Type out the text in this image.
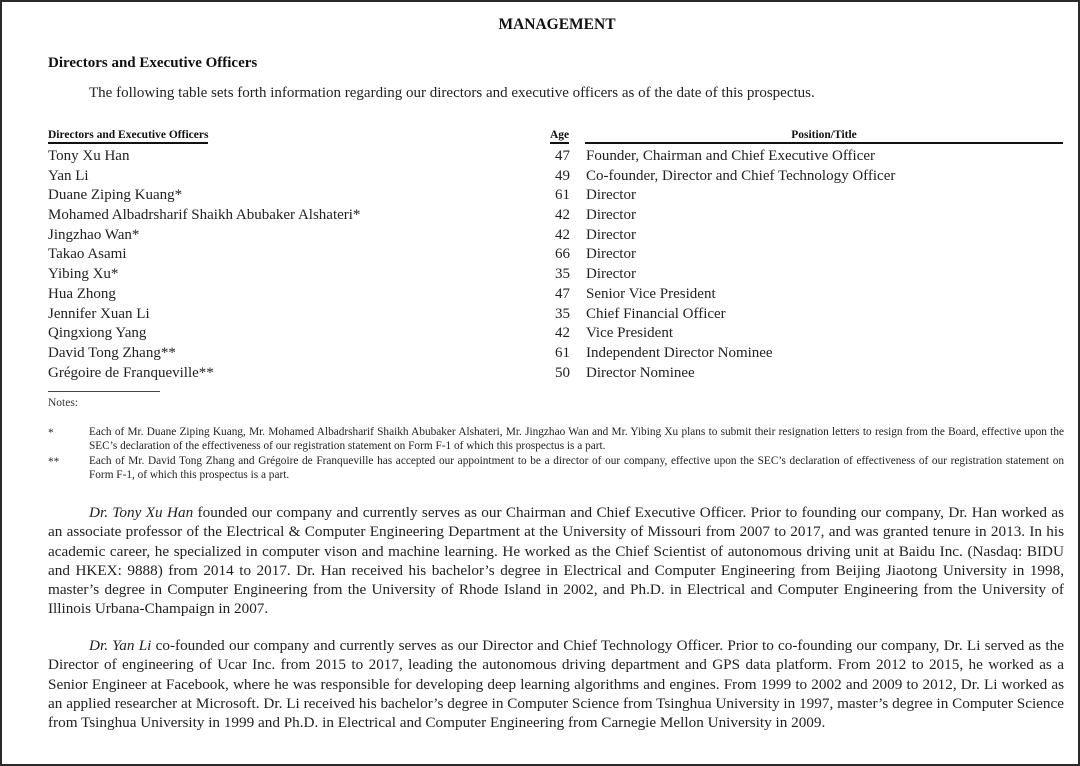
MANAGEMENT
Directors and Executive Officers
The following table sets forth information regarding our directors and executive officers as of the date of this prospectus.
Directors and Executive Officers	Age	Position/Title
Tony Xu Han	47 Founder, Chairman and Chief Executive Officer
Yan Li	49 Co-founder, Director and Chief Technology Officer
Duane Ziping Kuang*	61 Director
Mohamed Albadrsharif Shaikh Abubaker Alshateri*	42 Director
Jingzhao Wan*	42 Director
Takao Asami	66 Director
Yibing Xu*	35 Director
Hua Zhong	47 Senior Vice President
Jennifer Xuan Li	35 Chief Financial Officer
Qingxiong Yang	42 Vice President
David Tong Zhang**	61 Independent Director Nominee
Grégoire de Franqueville**	50 Director Nominee
Notes:
*	Each of Mr. Duane Ziping Kuang, Mr. Mohamed Albadrsharif Shaikh Abubaker Alshateri, Mr. Jingzhao Wan and Mr. Yibing Xu plans to submit their resignation letters to resign from the Board, effective upon the SEC’s declaration of the effectiveness of our registration statement on Form F-1 of which this prospectus is a part.
**	Each of Mr. David Tong Zhang and Grégoire de Franqueville has accepted our appointment to be a director of our company, effective upon the SEC’s declaration of effectiveness of our registration statement on Form F-1, of which this prospectus is a part.

Dr. Tony Xu Han founded our company and currently serves as our Chairman and Chief Executive Officer. Prior to founding our company, Dr. Han worked as an associate professor of the Electrical & Computer Engineering Department at the University of Missouri from 2007 to 2017, and was granted tenure in 2013. In his academic career, he specialized in computer vison and machine learning. He worked as the Chief Scientist of autonomous driving unit at Baidu Inc. (Nasdaq: BIDU and HKEX: 9888) from 2014 to 2017. Dr. Han received his bachelor’s degree in Electrical and Computer Engineering from Beijing Jiaotong University in 1998, master’s degree in Computer Engineering from the University of Rhode Island in 2002, and Ph.D. in Electrical and Computer Engineering from the University of Illinois Urbana-Champaign in 2007.

Dr. Yan Li co-founded our company and currently serves as our Director and Chief Technology Officer. Prior to co-founding our company, Dr. Li served as the Director of engineering of Ucar Inc. from 2015 to 2017, leading the autonomous driving department and GPS data platform. From 2012 to 2015, he worked as a Senior Engineer at Facebook, where he was responsible for developing deep learning algorithms and engines. From 1999 to 2002 and 2009 to 2012, Dr. Li worked as an applied researcher at Microsoft. Dr. Li received his bachelor’s degree in Computer Science from Tsinghua University in 1997, master’s degree in Computer Science from Tsinghua University in 1999 and Ph.D. in Electrical and Computer Engineering from Carnegie Mellon University in 2009.
